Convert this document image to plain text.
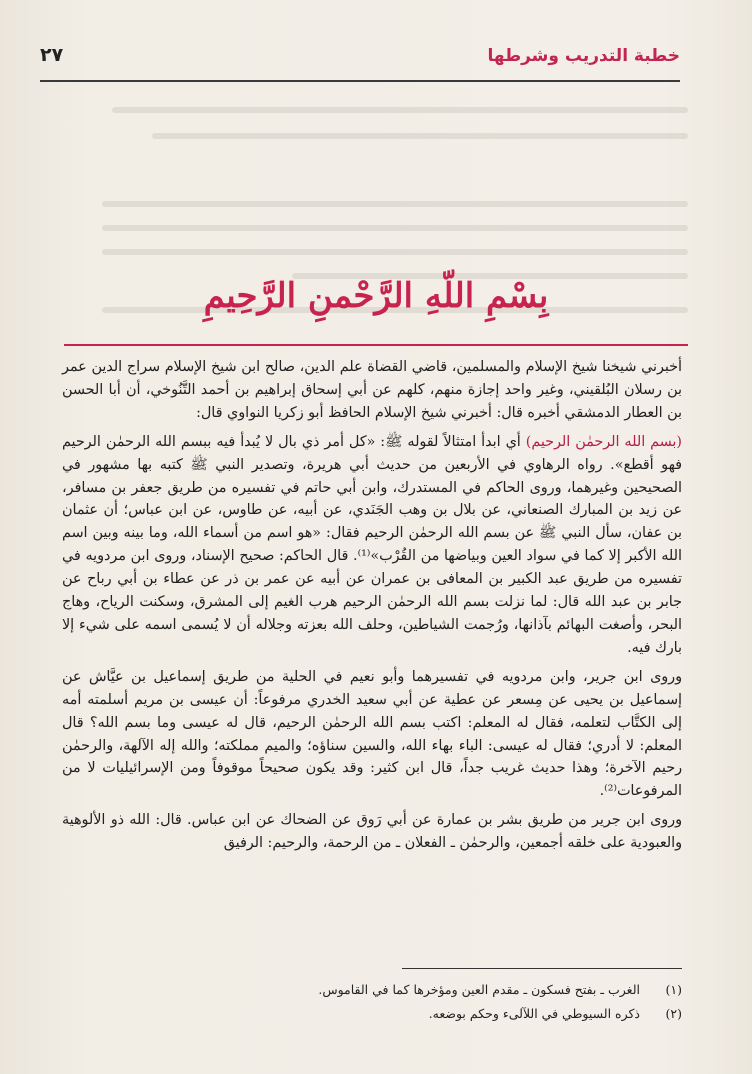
خطبة التدريب وشرطها
٢٧
بِسْمِ اللّهِ الرَّحْمنِ الرَّحِيمِ

أخبرني شيخنا شيخ الإسلام والمسلمين، قاضي القضاة علم الدين، صالح ابن شيخ الإسلام سراج الدين عمر بن رسلان البُلقيني، وغير واحد إجازة منهم، كلهم عن أبي إسحاق إبراهيم بن أحمد التَّنُوخي، أن أبا الحسن بن العطار الدمشقي أخبره قال: أخبرني شيخ الإسلام الحافظ أبو زكريا النواوي قال:

(بسم الله الرحمٰن الرحيم) أي ابدأ امتثالاً لقوله ﷺ: «كل أمر ذي بال لا يُبدأ فيه ببسم الله الرحمٰن الرحيم فهو أقطع». رواه الرهاوي في الأربعين من حديث أبي هريرة، وتصدير النبي ﷺ كتبه بها مشهور في الصحيحين وغيرهما، وروى الحاكم في المستدرك، وابن أبي حاتم في تفسيره من طريق جعفر بن مسافر، عن زيد بن المبارك الصنعاني، عن بلال بن وهب الجَنَدي، عن أبيه، عن طاوس، عن ابن عباس؛ أن عثمان بن عفان، سأل النبي ﷺ عن بسم الله الرحمٰن الرحيم فقال: «هو اسم من أسماء الله، وما بينه وبين اسم الله الأكبر إلا كما في سواد العين وبياضها من القُرْب»⁽¹⁾. قال الحاكم: صحيح الإسناد، وروى ابن مردويه في تفسيره من طريق عبد الكبير بن المعافى بن عمران عن أبيه عن عمر بن ذر عن عطاء بن أبي رباح عن جابر بن عبد الله قال: لما نزلت بسم الله الرحمٰن الرحيم هرب الغيم إلى المشرق، وسكنت الرياح، وهاج البحر، وأصغت البهائم بآذانها، ورُجمت الشياطين، وحلف الله بعزته وجلاله أن لا يُسمى اسمه على شيء إلا بارك فيه.

وروى ابن جرير، وابن مردويه في تفسيرهما وأبو نعيم في الحلية من طريق إسماعيل بن عيَّاش عن إسماعيل بن يحيى عن مِسعر عن عطية عن أبي سعيد الخدري مرفوعاً: أن عيسى بن مريم أسلمته أمه إلى الكتَّاب لتعلمه، فقال له المعلم: اكتب بسم الله الرحمٰن الرحيم، قال له عيسى وما بسم الله؟ قال المعلم: لا أدري؛ فقال له عيسى: الباء بهاء الله، والسين سناؤه؛ والميم مملكته؛ والله إله الآلهة، والرحمٰن رحيم الآخرة؛ وهذا حديث غريب جداً، قال ابن كثير: وقد يكون صحيحاً موقوفاً ومن الإسرائيليات لا من المرفوعات⁽²⁾.

وروى ابن جرير من طريق بشر بن عمارة عن أبي رَوق عن الضحاك عن ابن عباس. قال: الله ذو الألوهية والعبودية على خلقه أجمعين، والرحمٰن ـ الفعلان ـ من الرحمة، والرحيم: الرفيق

(١)
الغرب ـ بفتح فسكون ـ مقدم العين ومؤخرها كما في القاموس.
(٢)
ذكره السيوطي في اللآلىء وحكم بوضعه.
